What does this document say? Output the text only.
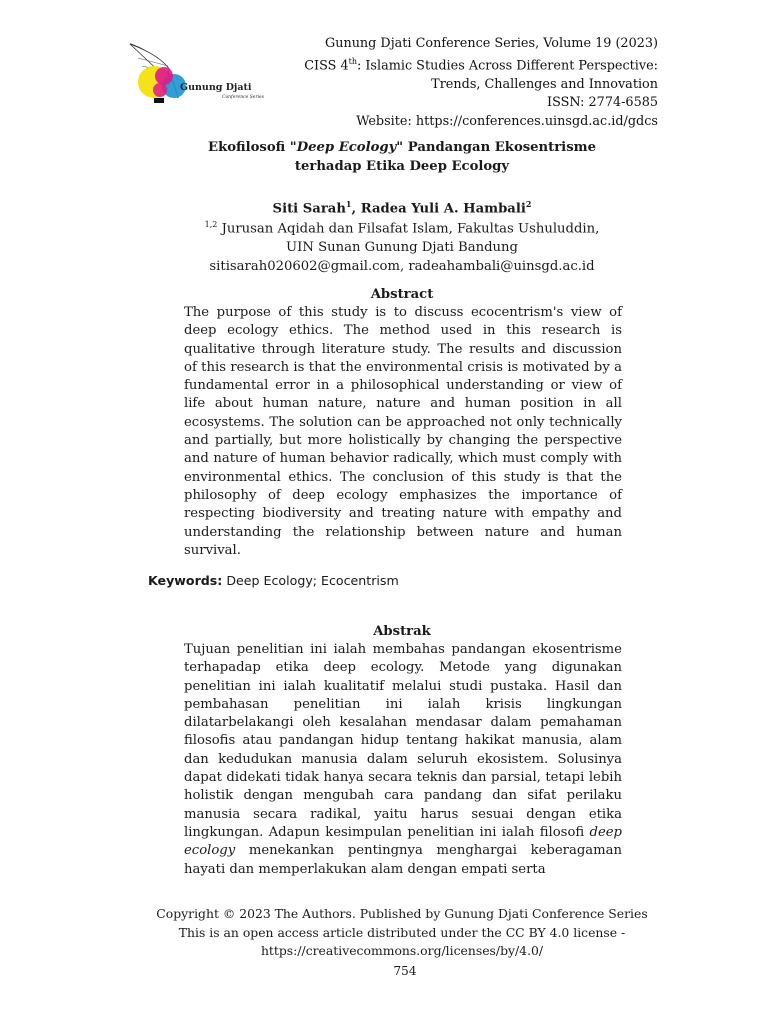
Gunung Djati
Conference Series
Gunung Djati Conference Series, Volume 19 (2023)
CISS 4th: Islamic Studies Across Different Perspective:
Trends, Challenges and Innovation
ISSN: 2774-6585
Website: https://conferences.uinsgd.ac.id/gdcs
Ekofilosofi "Deep Ecology" Pandangan Ekosentrisme
terhadap Etika Deep Ecology
Siti Sarah$^1$, Radea Yuli A. Hambali$^2$
$^{1,2}$ Jurusan Aqidah dan Filsafat Islam, Fakultas Ushuluddin,
UIN Sunan Gunung Djati Bandung
sitisarah020602@gmail.com, radeahambali@uinsgd.ac.id
Abstract
The purpose of this study is to discuss ecocentrism's view of deep ecology ethics. The method used in this research is qualitative through literature study. The results and discussion of this research is that the environmental crisis is motivated by a fundamental error in a philosophical understanding or view of life about human nature, nature and human position in all ecosystems. The solution can be approached not only technically and partially, but more holistically by changing the perspective and nature of human behavior radically, which must comply with environmental ethics. The conclusion of this study is that the philosophy of deep ecology emphasizes the importance of respecting biodiversity and treating nature with empathy and understanding the relationship between nature and human survival.
Keywords: Deep Ecology; Ecocentrism
Abstrak
Tujuan penelitian ini ialah membahas pandangan ekosentrisme terhapadap etika deep ecology. Metode yang digunakan penelitian ini ialah kualitatif melalui studi pustaka. Hasil dan pembahasan penelitian ini ialah krisis lingkungan dilatarbelakangi oleh kesalahan mendasar dalam pemahaman filosofis atau pandangan hidup tentang hakikat manusia, alam dan kedudukan manusia dalam seluruh ekosistem. Solusinya dapat didekati tidak hanya secara teknis dan parsial, tetapi lebih holistik dengan mengubah cara pandang dan sifat perilaku manusia secara radikal, yaitu harus sesuai dengan etika lingkungan. Adapun kesimpulan penelitian ini ialah filosofi deep ecology menekankan pentingnya menghargai keberagaman hayati dan memperlakukan alam dengan empati serta
Copyright © 2023 The Authors. Published by Gunung Djati Conference Series
This is an open access article distributed under the CC BY 4.0 license -
https://creativecommons.org/licenses/by/4.0/
754
